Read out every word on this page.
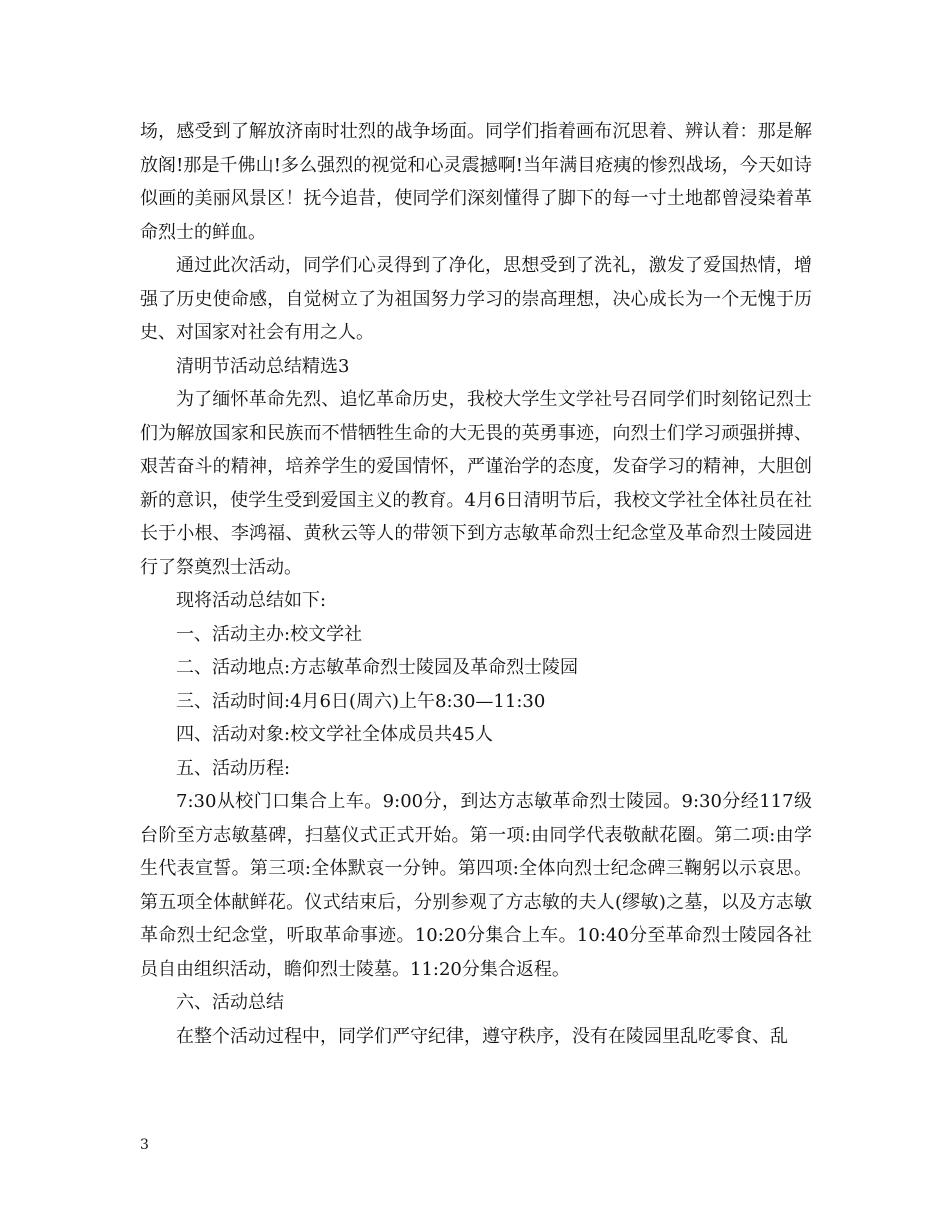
场，感受到了解放济南时壮烈的战争场面。同学们指着画布沉思着、辨认着：那是解放阁!那是千佛山!多么强烈的视觉和心灵震撼啊!当年满目疮痍的惨烈战场，今天如诗似画的美丽风景区！抚今追昔，使同学们深刻懂得了脚下的每一寸土地都曾浸染着革命烈士的鲜血。

通过此次活动，同学们心灵得到了净化，思想受到了洗礼，激发了爱国热情，增强了历史使命感，自觉树立了为祖国努力学习的崇高理想，决心成长为一个无愧于历史、对国家对社会有用之人。

清明节活动总结精选3

为了缅怀革命先烈、追忆革命历史，我校大学生文学社号召同学们时刻铭记烈士们为解放国家和民族而不惜牺牲生命的大无畏的英勇事迹，向烈士们学习顽强拼搏、艰苦奋斗的精神，培养学生的爱国情怀，严谨治学的态度，发奋学习的精神，大胆创新的意识，使学生受到爱国主义的教育。4月6日清明节后，我校文学社全体社员在社长于小根、李鸿福、黄秋云等人的带领下到方志敏革命烈士纪念堂及革命烈士陵园进行了祭奠烈士活动。

现将活动总结如下:

一、活动主办:校文学社

二、活动地点:方志敏革命烈士陵园及革命烈士陵园

三、活动时间:4月6日(周六)上午8:30—11:30

四、活动对象:校文学社全体成员共45人

五、活动历程:

7:30从校门口集合上车。9:00分，到达方志敏革命烈士陵园。9:30分经117级台阶至方志敏墓碑，扫墓仪式正式开始。第一项:由同学代表敬献花圈。第二项:由学生代表宣誓。第三项:全体默哀一分钟。第四项:全体向烈士纪念碑三鞠躬以示哀思。第五项全体献鲜花。仪式结束后，分别参观了方志敏的夫人(缪敏)之墓，以及方志敏革命烈士纪念堂，听取革命事迹。10:20分集合上车。10:40分至革命烈士陵园各社员自由组织活动，瞻仰烈士陵墓。11:20分集合返程。

六、活动总结

在整个活动过程中，同学们严守纪律，遵守秩序，没有在陵园里乱吃零食、乱

3
